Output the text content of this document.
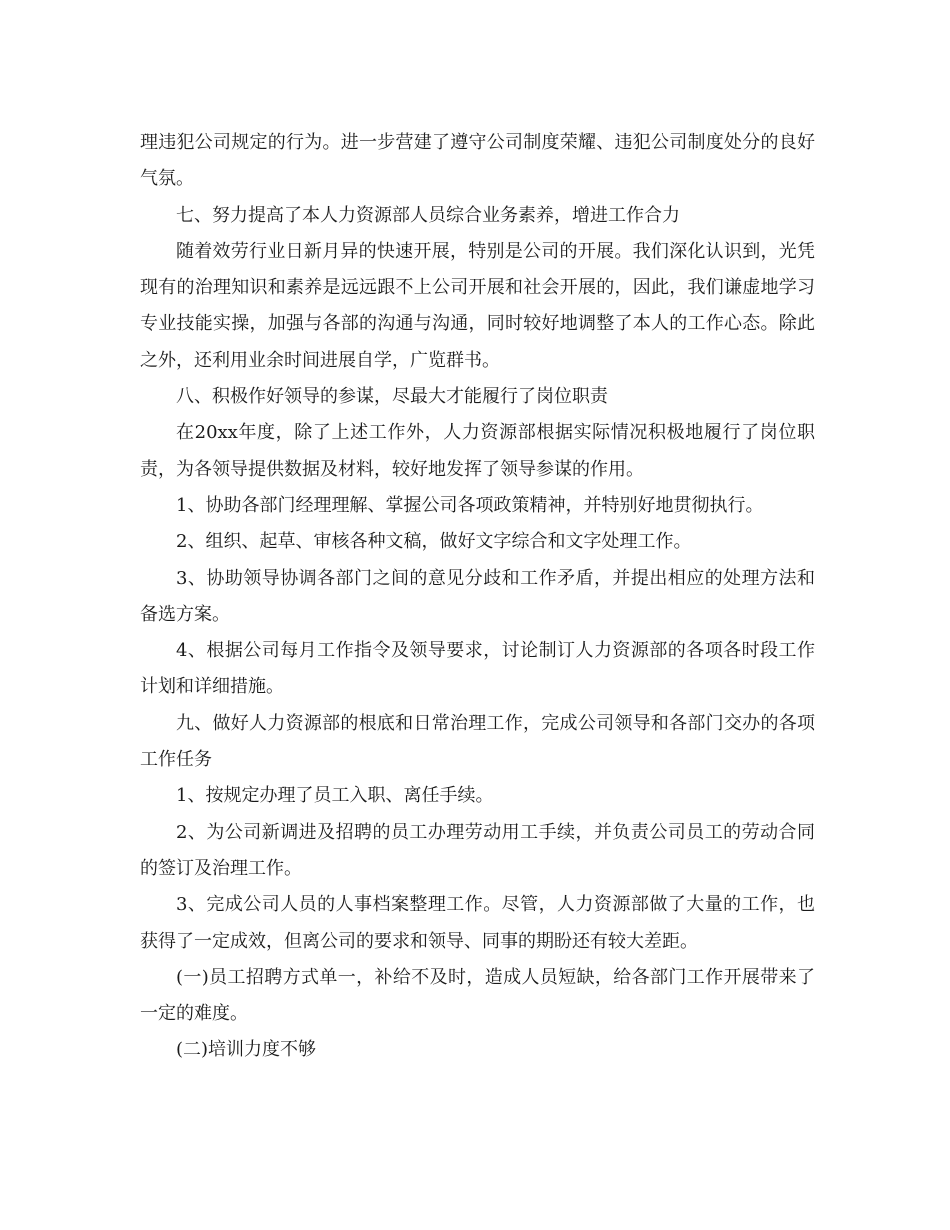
理违犯公司规定的行为。进一步营建了遵守公司制度荣耀、违犯公司制度处分的良好气氛。

七、努力提高了本人力资源部人员综合业务素养，增进工作合力

随着效劳行业日新月异的快速开展，特别是公司的开展。我们深化认识到，光凭现有的治理知识和素养是远远跟不上公司开展和社会开展的，因此，我们谦虚地学习专业技能实操，加强与各部的沟通与沟通，同时较好地调整了本人的工作心态。除此之外，还利用业余时间进展自学，广览群书。

八、积极作好领导的参谋，尽最大才能履行了岗位职责

在20xx年度，除了上述工作外，人力资源部根据实际情况积极地履行了岗位职责，为各领导提供数据及材料，较好地发挥了领导参谋的作用。

1、协助各部门经理理解、掌握公司各项政策精神，并特别好地贯彻执行。

2、组织、起草、审核各种文稿，做好文字综合和文字处理工作。

3、协助领导协调各部门之间的意见分歧和工作矛盾，并提出相应的处理方法和备选方案。

4、根据公司每月工作指令及领导要求，讨论制订人力资源部的各项各时段工作计划和详细措施。

九、做好人力资源部的根底和日常治理工作，完成公司领导和各部门交办的各项工作任务

1、按规定办理了员工入职、离任手续。

2、为公司新调进及招聘的员工办理劳动用工手续，并负责公司员工的劳动合同的签订及治理工作。

3、完成公司人员的人事档案整理工作。尽管，人力资源部做了大量的工作，也获得了一定成效，但离公司的要求和领导、同事的期盼还有较大差距。

(一)员工招聘方式单一，补给不及时，造成人员短缺，给各部门工作开展带来了一定的难度。

(二)培训力度不够
